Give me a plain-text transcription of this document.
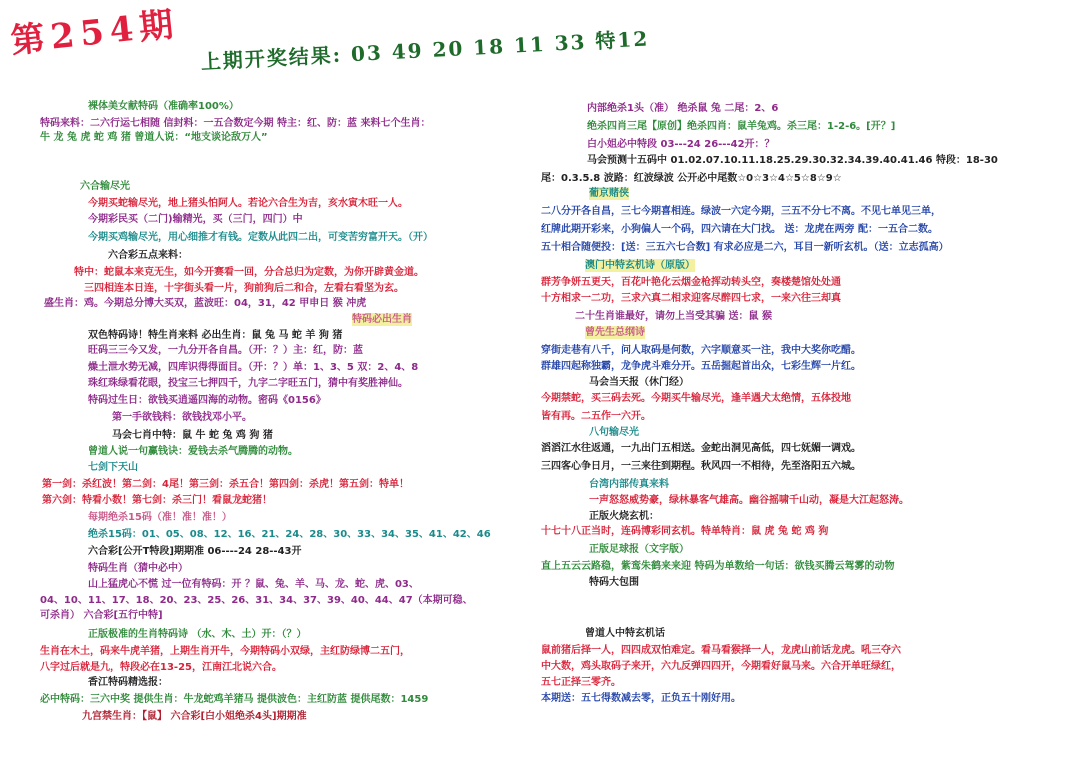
第254期 上期开奖结果: 03 49 20 18 11 33 特12
裸体美女献特码（准确率100%）
特码来料：二六行运七相随 信封料：一五合数定今期 特主：红、防：蓝 来料七个生肖：
牛 龙 兔 虎 蛇 鸡 猪 曾道人说：“地支谈论敌万人”
六合输尽光
今期买蛇输尽光，地上猪头怕阿人。若论六合生为吉，亥水寅木旺一人。
今期彩民买（二门)输精光，买（三门，四门）中
今期买鸡输尽光，用心细推才有钱。定数从此四二出，可变苦穷富开天。（开）
六合彩五点来料：
特中：蛇鼠本来克无生，如今开赛看一回，分合总归为定数，为你开辟黄金道。
三四相连本日连，十字街头看一片，狗前狗后二和合，左看右看坚为玄。
盛生肖：鸡。今期总分博大买双，蓝波旺：04，31，42 甲申日 猴 冲虎
特码必出生肖
双色特码诗！特生肖来料 必出生肖：鼠 兔 马 蛇 羊 狗 猪
旺码三三今又发，一九分开各自昌。（开：？）主：红，防：蓝
燥土泄水势无减，四库识得得面目。（开：？）单：1、3、5 双：2、4、8
珠红珠绿看花眼，投宝三七押四千，九字二字旺五门，猜中有奖胜神仙。
特码过生日：欲钱买逍遥四海的动物。密码《0156》
第一手欲钱料：欲钱找邓小平。
马会七肖中特：鼠 牛 蛇 兔 鸡 狗 猪
曾道人说一句赢钱诀：爱钱去杀气腾腾的动物。
七剑下天山
第一剑：杀红波！第二剑：4尾！第三剑：杀五合！第四剑：杀虎！第五剑：特单！
第六剑：特看小数！第七剑：杀三门！看鼠龙蛇猪！
每期绝杀15码（准！准！准！）
绝杀15码：01、05、08、12、16、21、24、28、30、33、34、35、41、42、46
六合彩[公开T特段]期期准 06----24 28--43开
特码生肖（猜中必中）
山上猛虎心不慌 过一位有特码：开 ？鼠、兔、羊、马、龙、蛇、虎、03、
04、10、11、17、18、20、23、25、26、31、34、37、39、40、44、47（本期可稳、
可杀肖） 六合彩[五行中特]
正版极准的生肖特码诗 （水、木、土）开：（？）
生肖在木土，码来牛虎羊猪，上期生肖开牛，今期特码小双绿，主红防绿博二五门，
八字过后就是九，特段必在13-25，江南江北说六合。
香江特码精选报：
必中特码：三六中奖 提供生肖：牛龙蛇鸡羊猪马 提供波色：主红防蓝 提供尾数：1459
九宫禁生肖：【鼠】 六合彩[白小姐绝杀4头]期期准
内部绝杀1头（准） 绝杀鼠 兔 二尾：2、6
绝杀四肖三尾【原创】绝杀四肖：鼠羊兔鸡。杀三尾：1-2-6。[开？]
白小姐必中特段 03---24 26---42开：？
马会预测十五码中 01.02.07.10.11.18.25.29.30.32.34.39.40.41.46 特段：18-30
尾：0.3.5.8 波路：红波绿波 公开必中尾数☆0☆3☆4☆5☆8☆9☆
葡京赌侠
二八分开各自昌，三七今期喜相连。绿波一六定今期，三五不分七不离。不见七单见三单，
红牌此期开彩来，小狗偏人一个码，四六请在大门找。 送：龙虎在两旁 配：一五合二数。
五十相合随便投：[送：三五六七合数] 有求必应是二六，耳目一新听玄机。（送：立志孤高）
澳门中特玄机诗（原版）
群芳争妍五更天，百花叶艳化云烟金枪挥动转头空，奏楼楚馆处处通
十方相求一二功，三求六真二相求迎客尽醉四七求，一来六往三却真
二十生肖谁最好，请勿上当受其骗 送：鼠 猴
曾先生总纲诗
穿街走巷有八千，问人取码是何数，六字顺意买一注，我中大奖你吃醋。
群雄四起称独霸，龙争虎斗难分开。五岳掘起首出众，七彩生辉一片红。
马会当天报（休门经）
今期禁蛇，买三码去死。今期买牛输尽光，逢羊遇犬太绝情，五体投地
皆有再。二五作一六开。
八句输尽光
滔滔江水往返通，一九出门五相送。金蛇出洞见高低，四七妩媚一调戏。
三四客心争日月，一三来往到期程。秋风四一不相待，先至洛阳五六城。
台湾内部传真来料
一声怒怒威势豪，绿林暴客气雄高。幽谷摇啸千山动，凝是大江起怒涛。
正版火烧玄机：
十七十八正当时，连码博彩同玄机。特单特肖：鼠 虎 兔 蛇 鸡 狗
正版足球报（文字版）
直上五云云路稳，紫鸾朱鹤来来迎 特码为单数给一句话：欲钱买腾云驾雾的动物
特码大包围
曾道人中特玄机话
鼠前猪后择一人，四四成双怕难定。看马看猴择一人，龙虎山前话龙虎。吼三夺六
中大数，鸡头取码子来开，六九反弹四四开，今期看好鼠马来。六合开单旺绿红，
五七正择三零齐。
本期送：五七得数减去零，正负五十刚好用。
